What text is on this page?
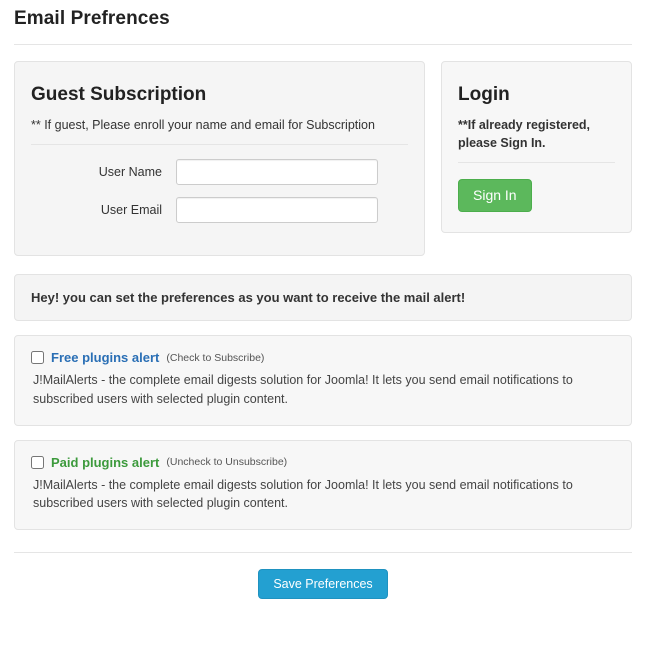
Email Prefrences
Guest Subscription

** If guest, Please enroll your name and email for Subscription

User Name
User Email
Login

**If already registered, please Sign In.

Sign In
Hey! you can set the preferences as you want to receive the mail alert!
Free plugins alert (Check to Subscribe)
J!MailAlerts - the complete email digests solution for Joomla! It lets you send email notifications to subscribed users with selected plugin content.
Paid plugins alert (Uncheck to Unsubscribe)
J!MailAlerts - the complete email digests solution for Joomla! It lets you send email notifications to subscribed users with selected plugin content.
Save Preferences
